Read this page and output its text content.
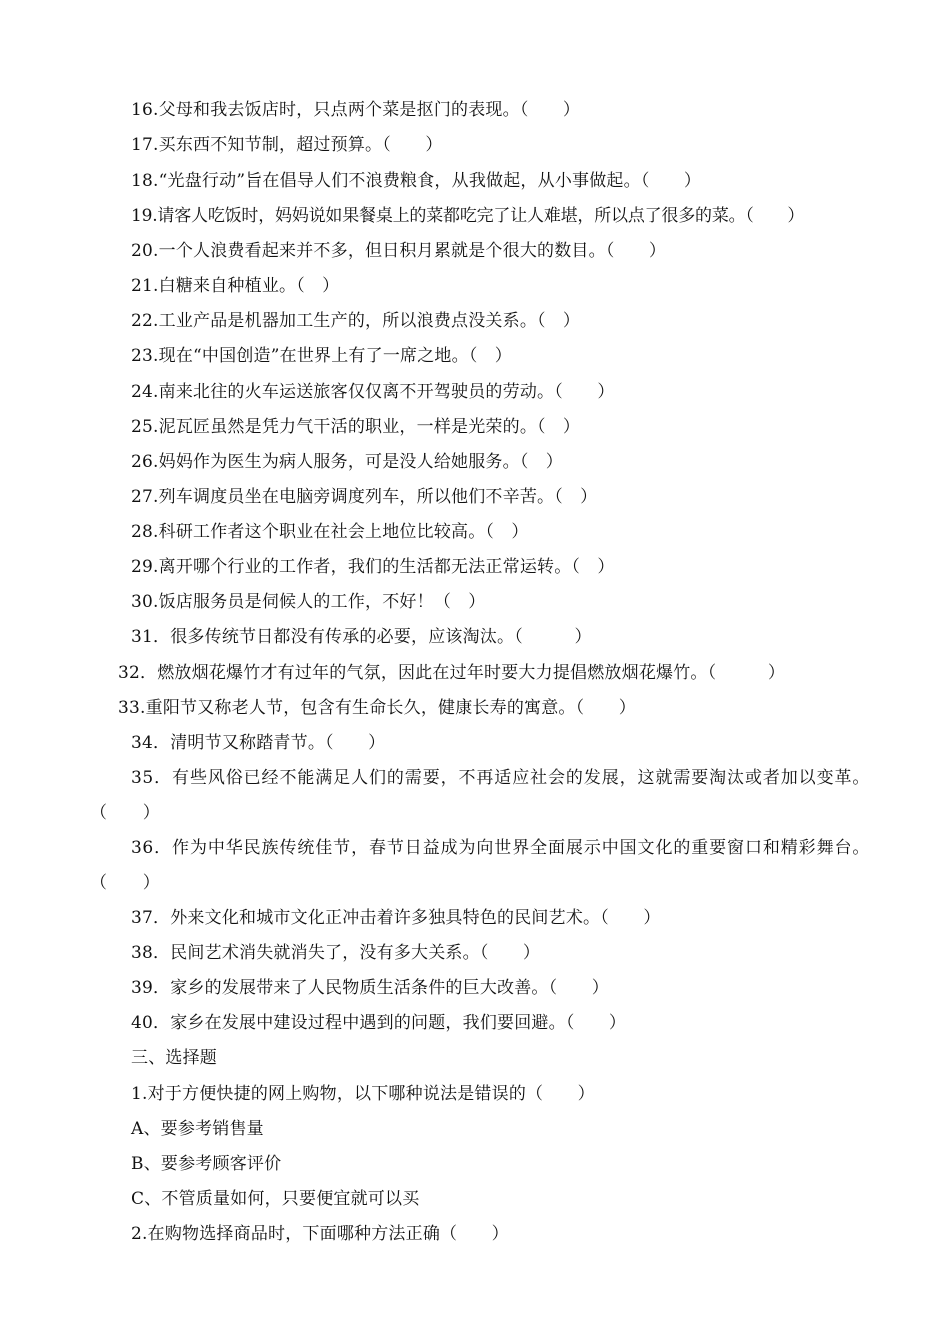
16.父母和我去饭店时，只点两个菜是抠门的表现。（　　）
17.买东西不知节制，超过预算。（　　）
18.“光盘行动”旨在倡导人们不浪费粮食，从我做起，从小事做起。（　　）
19.请客人吃饭时，妈妈说如果餐桌上的菜都吃完了让人难堪，所以点了很多的菜。（　　）
20.一个人浪费看起来并不多，但日积月累就是个很大的数目。（　　）
21.白糖来自种植业。（　）
22.工业产品是机器加工生产的，所以浪费点没关系。（　）
23.现在“中国创造”在世界上有了一席之地。（　）
24.南来北往的火车运送旅客仅仅离不开驾驶员的劳动。（　　）
25.泥瓦匠虽然是凭力气干活的职业，一样是光荣的。（　）
26.妈妈作为医生为病人服务，可是没人给她服务。（　）
27.列车调度员坐在电脑旁调度列车，所以他们不辛苦。（　）
28.科研工作者这个职业在社会上地位比较高。（　）
29.离开哪个行业的工作者，我们的生活都无法正常运转。（　）
30.饭店服务员是伺候人的工作，不好！（　）
31．很多传统节日都没有传承的必要，应该淘汰。（　　　）
32．燃放烟花爆竹才有过年的气氛，因此在过年时要大力提倡燃放烟花爆竹。（　　　）
33.重阳节又称老人节，包含有生命长久，健康长寿的寓意。（　　）
34．清明节又称踏青节。（　　）
35．有些风俗已经不能满足人们的需要，不再适应社会的发展，这就需要淘汰或者加以变革。（　　）
36．作为中华民族传统佳节，春节日益成为向世界全面展示中国文化的重要窗口和精彩舞台。（　　）
37．外来文化和城市文化正冲击着许多独具特色的民间艺术。（　　）
38．民间艺术消失就消失了，没有多大关系。（　　）
39．家乡的发展带来了人民物质生活条件的巨大改善。（　　）
40．家乡在发展中建设过程中遇到的问题，我们要回避。（　　）
三、选择题
1.对于方便快捷的网上购物，以下哪种说法是错误的（　　）
A、要参考销售量
B、要参考顾客评价
C、不管质量如何，只要便宜就可以买
2.在购物选择商品时，下面哪种方法正确（　　）
